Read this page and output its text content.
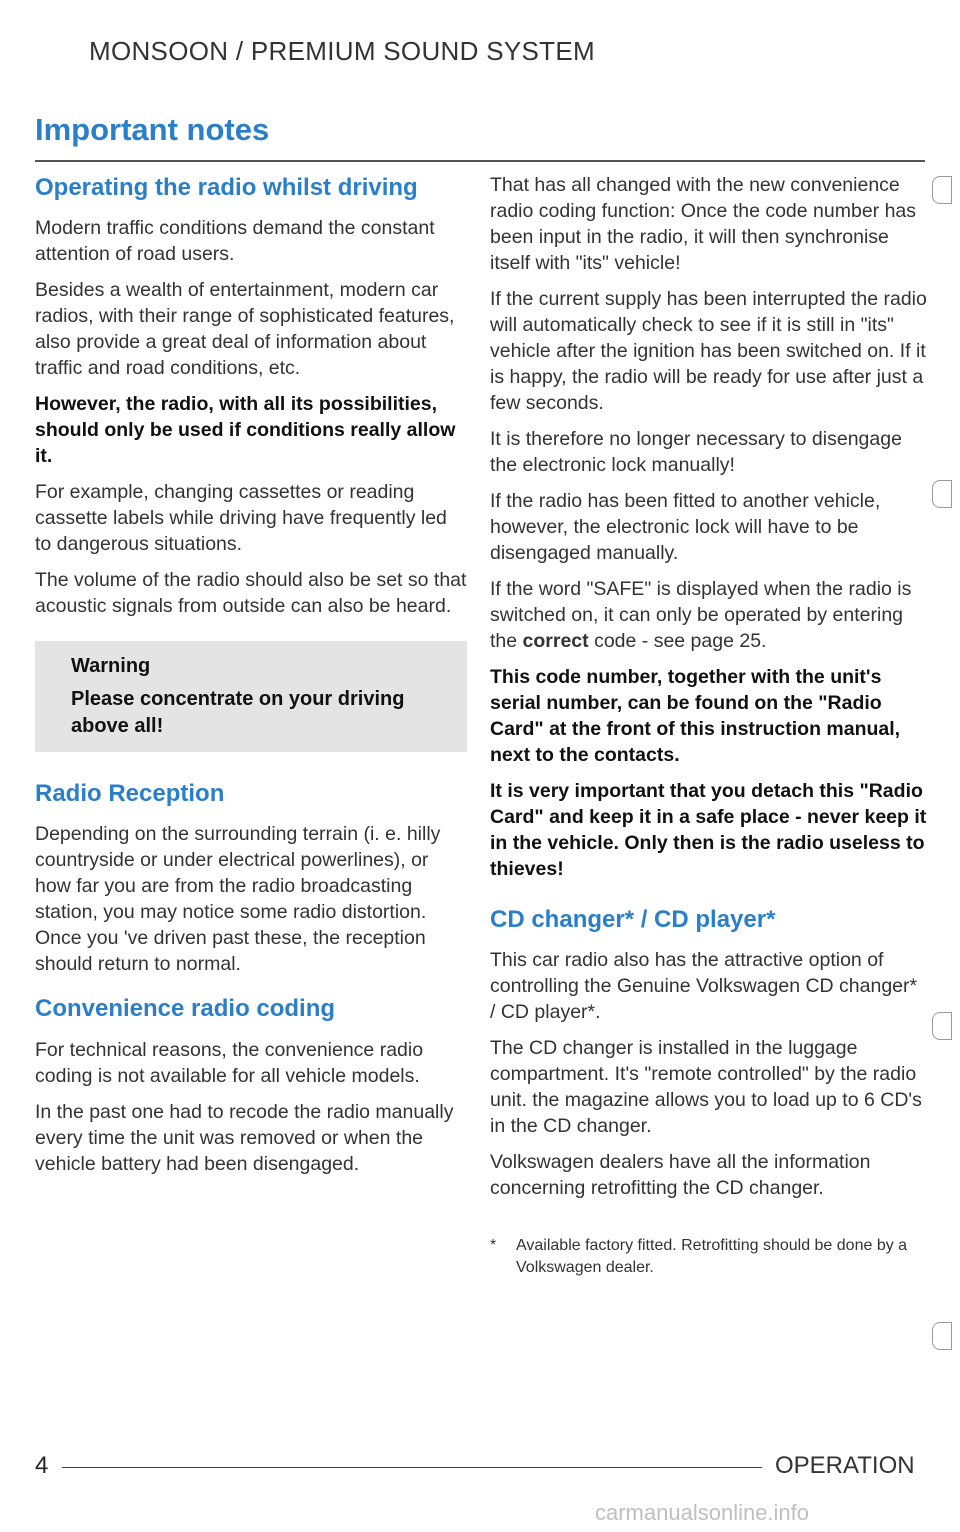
MONSOON / PREMIUM SOUND SYSTEM
Important notes
Operating the radio whilst driving

Modern traffic conditions demand the constant attention of road users.

Besides a wealth of entertainment, modern car radios, with their range of sophisticated features, also provide a great deal of information about traffic and road conditions, etc.

However, the radio, with all its possibilities, should only be used if conditions really allow it.

For example, changing cassettes or reading cassette labels while driving have frequently led to dangerous situations.

The volume of the radio should also be set so that acoustic signals from outside can also be heard.

Warning
Please concentrate on your driving above all!
Radio Reception

Depending on the surrounding terrain (i. e. hilly countryside or under electrical powerlines), or how far you are from the radio broadcasting station, you may notice some radio distortion. Once you 've driven past these, the reception should return to normal.

Convenience radio coding

For technical reasons, the convenience radio coding is not available for all vehicle models.

In the past one had to recode the radio manually every time the unit was removed or when the vehicle battery had been disengaged.

That has all changed with the new convenience radio coding function: Once the code number has been input in the radio, it will then synchronise itself with "its" vehicle!

If the current supply has been interrupted the radio will automatically check to see if it is still in "its" vehicle after the ignition has been switched on. If it is happy, the radio will be ready for use after just a few seconds.

It is therefore no longer necessary to disengage the electronic lock manually!

If the radio has been fitted to another vehicle, however, the electronic lock will have to be disengaged manually.

If the word "SAFE" is displayed when the radio is switched on, it can only be operated by entering the correct code - see page 25.

This code number, together with the unit's serial number, can be found on the "Radio Card" at the front of this instruction manual, next to the contacts.

It is very important that you detach this "Radio Card" and keep it in a safe place - never keep it in the vehicle. Only then is the radio useless to thieves!

CD changer* / CD player*

This car radio also has the attractive option of controlling the Genuine Volkswagen CD changer* / CD player*.

The CD changer is installed in the luggage compartment. It's "remote controlled" by the radio unit. the magazine allows you to load up to 6 CD's in the CD changer.

Volkswagen dealers have all the information concerning retrofitting the CD changer.

*	Available factory fitted. Retrofitting should be done by a Volkswagen dealer.
4	OPERATION
carmanualsonline.info
